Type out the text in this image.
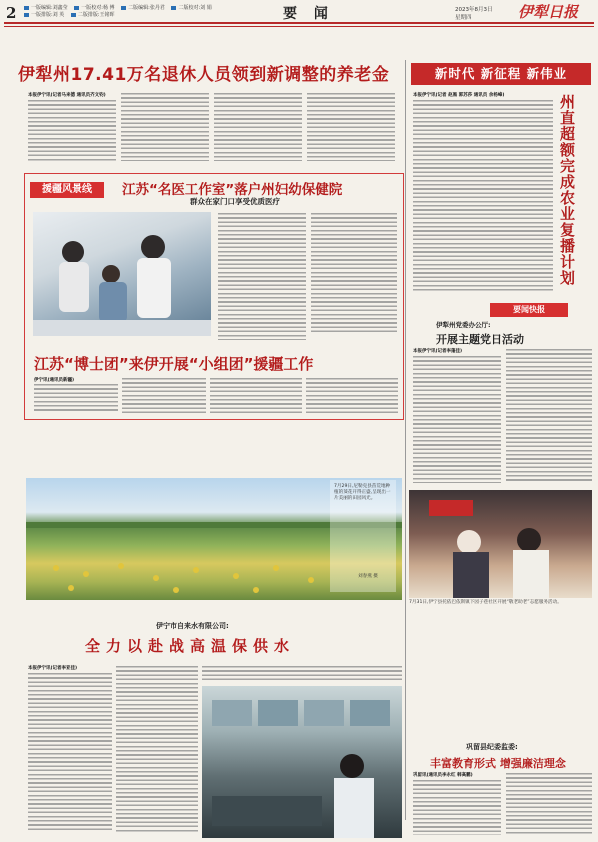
2	一版编辑:刘鑫莹	一版校对:杨 傅	二版编辑:张丹君	二版校对:刘 娟
一版排版:刘 英	二版排版:王铭晖	要 闻	2023年8月3日
星期四	伊犁日报
伊犁州17.41万名退休人员领到新调整的养老金
本报伊宁讯(记者马来德 通讯员齐文钧)
新时代 新征程 新伟业
本报伊宁讯(记者 赵黑 郭苏莎 通讯员 余杨峰)	州直超额完成农业复播计划
援疆风景线	江苏“名医工作室”落户州妇幼保健院
群众在家门口享受优质医疗
江苏“博士团”来伊开展“小组团”援疆工作
伊宁讯(通讯员新疆)
要闻快报
伊犁州党委办公厅:
开展主题党日活动
本报伊宁讯(记者李蓬佳)
7月31日,伊宁县托依巴依斯镇下园子巷社区开展“敬老助老”志愿服务活动。
7月29日,尼勒克县苗荒地种植的葵花开得正盛,呈现出一片美丽的田园风光。
刘春燕 摄
伊宁市自来水有限公司:
全力以赴战高温保供水
本报伊宁讯(记者李亚佳)
巩留县纪委监委:
丰富教育形式 增强廉洁理念
巩留讯(通讯员李永红 韩高鹏)
